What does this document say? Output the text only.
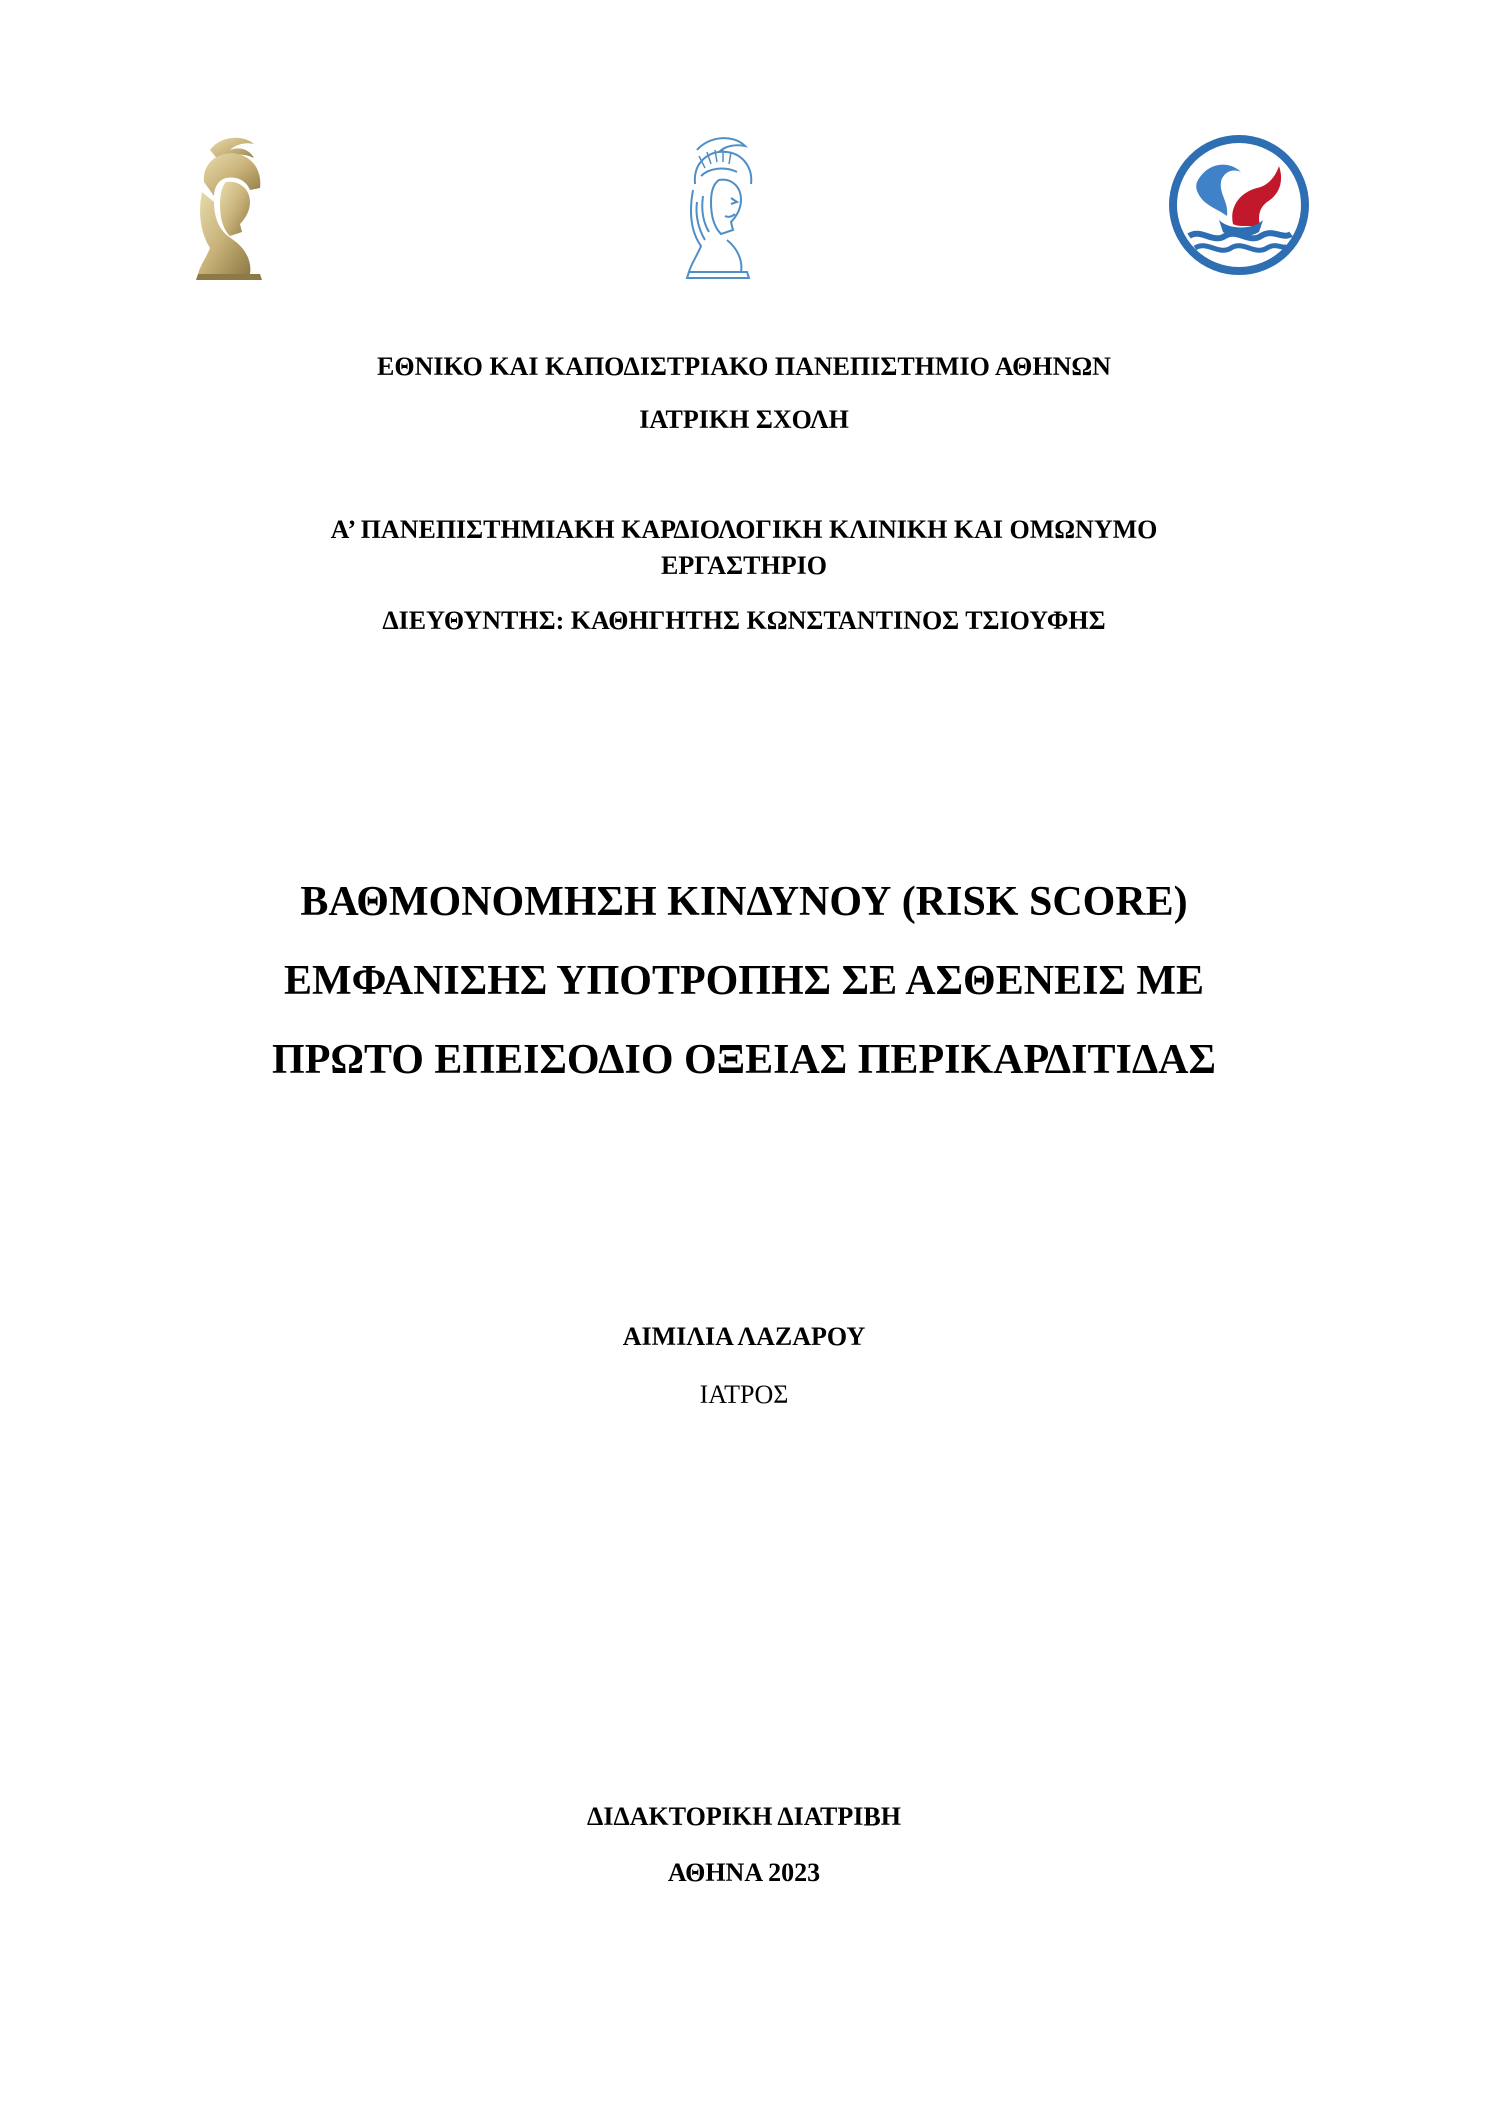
ΕΘΝΙΚΟ ΚΑΙ ΚΑΠΟΔΙΣΤΡΙΑΚΟ ΠΑΝΕΠΙΣΤΗΜΙΟ ΑΘΗΝΩΝ
ΙΑΤΡΙΚΗ ΣΧΟΛΗ
Α’ ΠΑΝΕΠΙΣΤΗΜΙΑΚΗ ΚΑΡΔΙΟΛΟΓΙΚΗ ΚΛΙΝΙΚΗ ΚΑΙ ΟΜΩΝΥΜΟ
ΕΡΓΑΣΤΗΡΙΟ
ΔΙΕΥΘΥΝΤΗΣ: ΚΑΘΗΓΗΤΗΣ ΚΩΝΣΤΑΝΤΙΝΟΣ ΤΣΙΟΥΦΗΣ
ΒΑΘΜΟΝΟΜΗΣΗ ΚΙΝΔΥΝΟΥ (RISK SCORE)
ΕΜΦΑΝΙΣΗΣ ΥΠΟΤΡΟΠΗΣ ΣΕ ΑΣΘΕΝΕΙΣ ΜΕ
ΠΡΩΤΟ ΕΠΕΙΣΟΔΙΟ ΟΞΕΙΑΣ ΠΕΡΙΚΑΡΔΙΤΙΔΑΣ
ΑΙΜΙΛΙΑ ΛΑΖΑΡΟΥ
ΙΑΤΡΟΣ
ΔΙΔΑΚΤΟΡΙΚΗ ΔΙΑΤΡΙΒΗ
ΑΘΗΝΑ 2023
